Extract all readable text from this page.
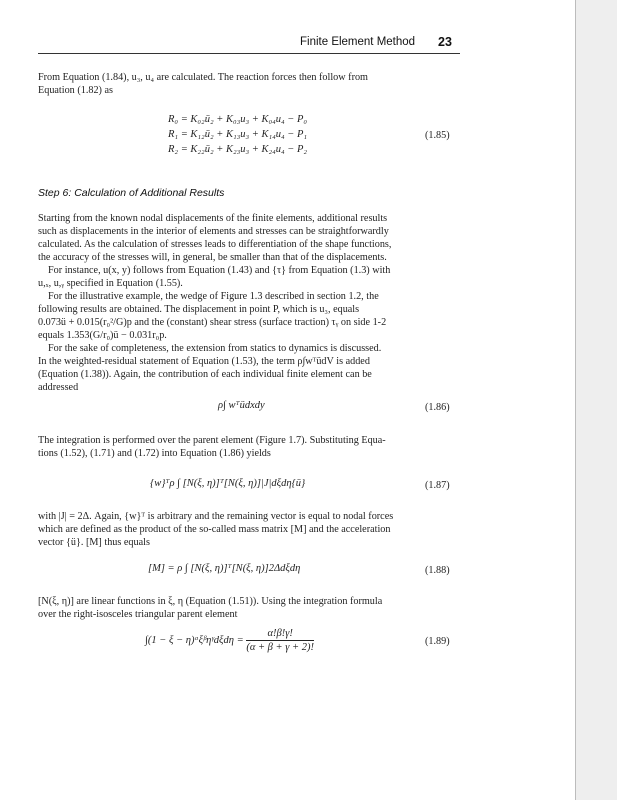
Finite Element Method	23

From Equation (1.84), u₃, u₄ are calculated. The reaction forces then follow from
Equation (1.82) as

R₀ = K₀₂ü₂ + K₀₃u₃ + K₀₄u₄ − P₀
R₁ = K₁₂ü₂ + K₁₃u₃ + K₁₄u₄ − P₁
R₂ = K₂₂ü₂ + K₂₃u₃ + K₂₄u₄ − P₂
(1.85)
Step 6: Calculation of Additional Results

Starting from the known nodal displacements of the finite elements, additional results
such as displacements in the interior of elements and stresses can be straightforwardly
calculated. As the calculation of stresses leads to differentiation of the shape functions,
the accuracy of the stresses will, in general, be smaller than that of the displacements.
For instance, u(x, y) follows from Equation (1.43) and {τ} from Equation (1.3) with
u,ₓ, u,ᵧ specified in Equation (1.55).
For the illustrative example, the wedge of Figure 1.3 described in section 1.2, the
following results are obtained. The displacement in point P, which is u₃, equals
0.073ü + 0.015(r₀²/G)p and the (constant) shear stress (surface traction) τᵧ on side 1-2
equals 1.353(G/r₀)ü − 0.031r₀p.
For the sake of completeness, the extension from statics to dynamics is discussed.
In the weighted-residual statement of Equation (1.53), the term ρ∫wᵀüdV is added
(Equation (1.38)). Again, the contribution of each individual finite element can be
addressed

ρ∫ wᵀüdxdy	(1.86)

The integration is performed over the parent element (Figure 1.7). Substituting Equa-
tions (1.52), (1.71) and (1.72) into Equation (1.86) yields

{w}ᵀρ ∫ [N(ξ, η)]ᵀ[N(ξ, η)]|J|dξdη{ü}	(1.87)

with |J| = 2Δ. Again, {w}ᵀ is arbitrary and the remaining vector is equal to nodal forces
which are defined as the product of the so-called mass matrix [M] and the acceleration
vector {ü}. [M] thus equals

[M] = ρ ∫ [N(ξ, η)]ᵀ[N(ξ, η)]2Δdξdη	(1.88)

[N(ξ, η)] are linear functions in ξ, η (Equation (1.51)). Using the integration formula
over the right-isosceles triangular parent element

∫(1 − ξ − η)ᵅξᵝηᵞdξdη = $\frac{\alpha!\beta!\gamma!}{(\alpha + \beta + \gamma + 2)!}$	(1.89)
